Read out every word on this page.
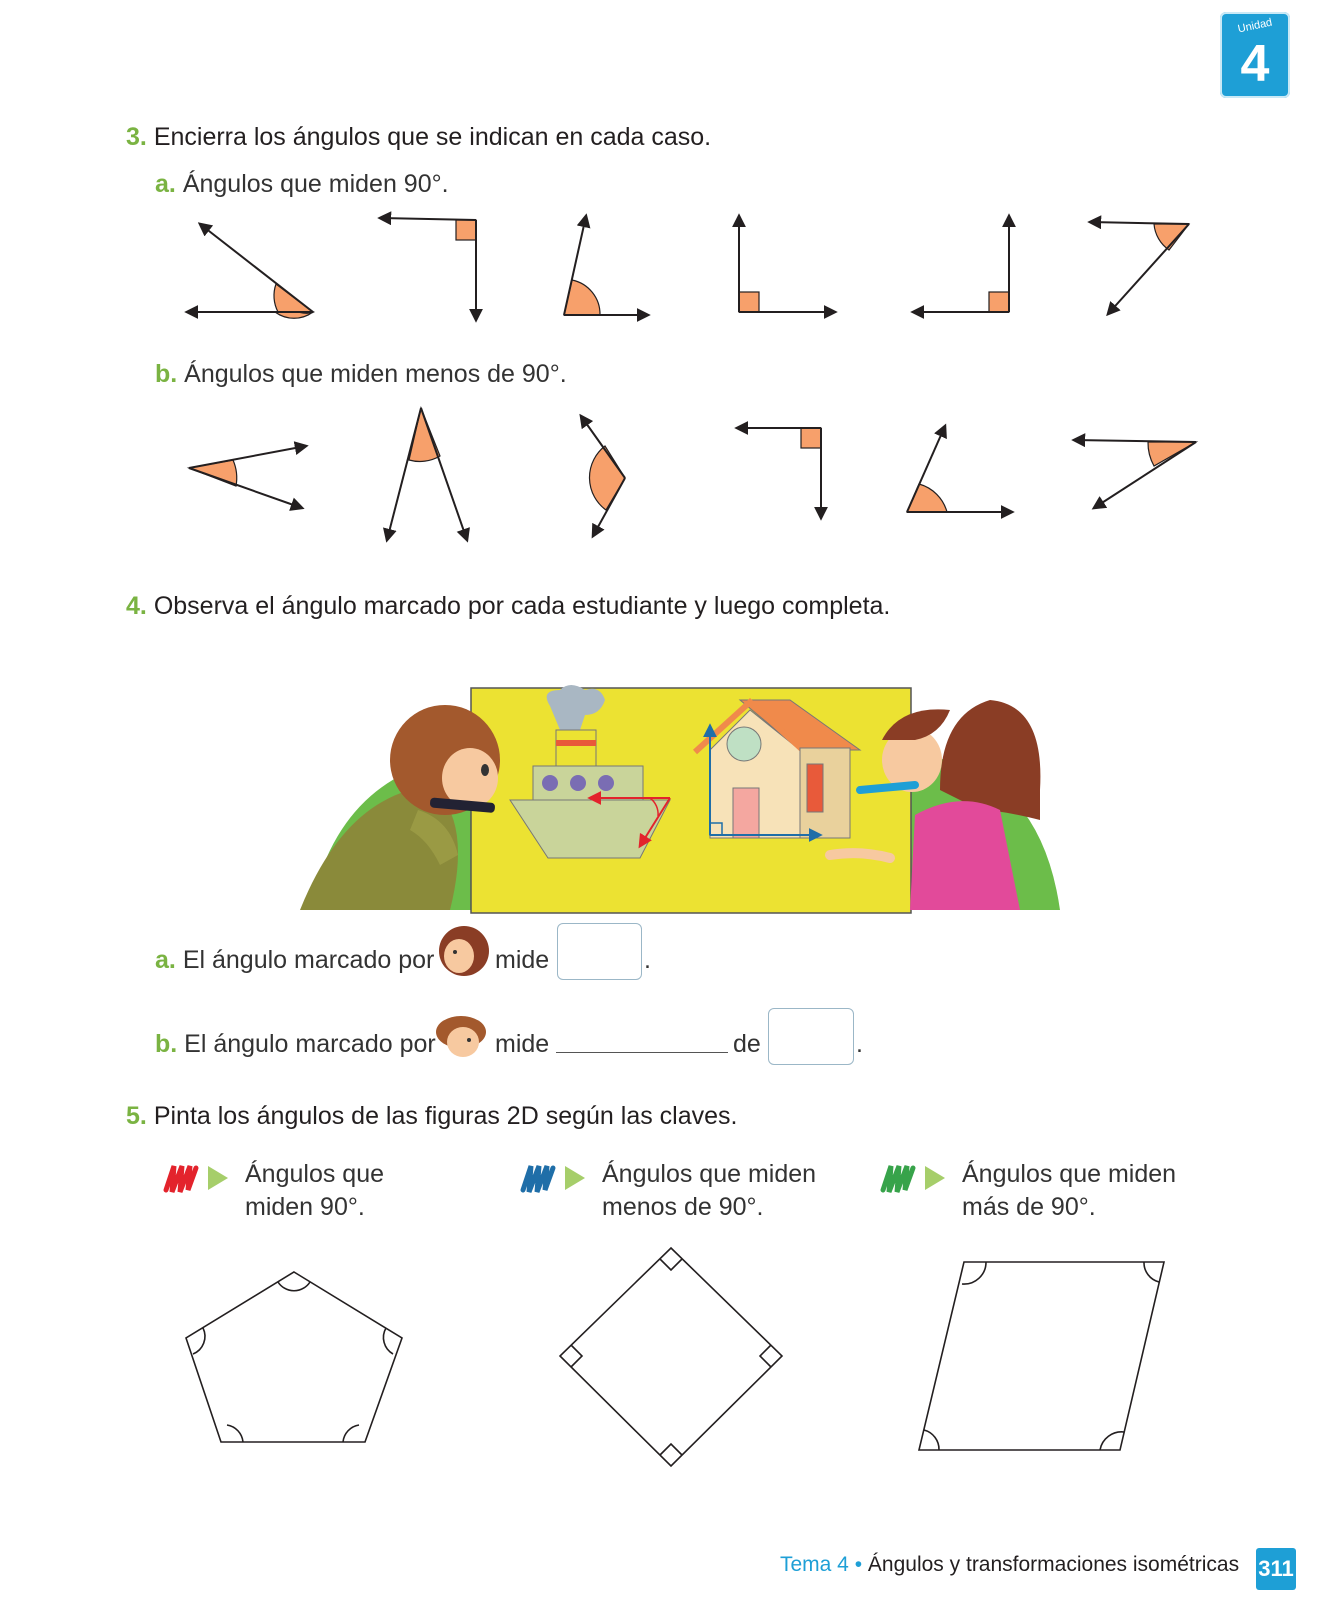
Unidad
4
3. Encierra los ángulos que se indican en cada caso.
a. Ángulos que miden 90°.
b. Ángulos que miden menos de 90°.
4. Observa el ángulo marcado por cada estudiante y luego completa.
a. El ángulo marcado por mide	.
b. El ángulo marcado por mide	de	.
5. Pinta los ángulos de las figuras 2D según las claves.
Ángulos que
miden 90°.
Ángulos que miden
menos de 90°.
Ángulos que miden
más de 90°.
Tema 4 • Ángulos y transformaciones isométricas 311
